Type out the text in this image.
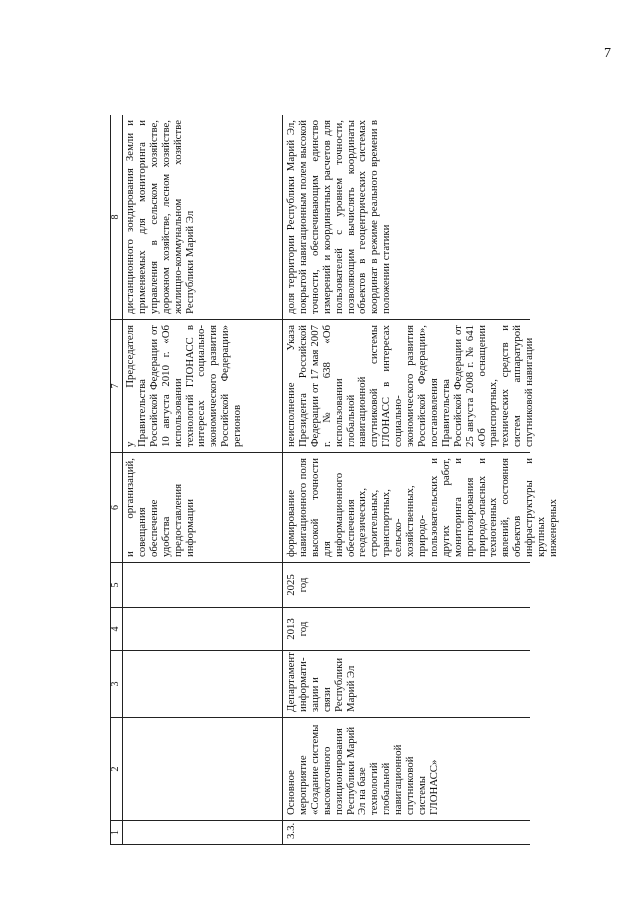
7
1
2
3
4
5
6
7
8
и организаций, совещания обеспечение удобства предоставления информации
у Председателя Правительства Российской Федерации от 10 августа 2010 г. «Об использовании технологий ГЛОНАСС в интересах социально-экономического развития Российской Федерации» регионов
дистанционного зондирования Земли и применяемых для мониторинга и управления в сельском хозяйстве, дорожном хозяйстве, лесном хозяйстве, жилищно-коммунальном хозяйстве Республики Марий Эл
3.3.
Основное мероприятие «Создание системы высокоточного позиционирования Республики Марий Эл на базе технологий глобальной навигационной спутниковой системы ГЛОНАСС»
Департамент информати-зации и связи Республики Марий Эл
2013 год
2025 год
формирование навигационного поля высокой точности для информационного обеспечения геодезических, строительных, транспортных, сельско-хозяйственных, природо-пользовательских и других работ, мониторинга и прогнозирования природо-опасных и техногенных явлений, состояния объектов инфраструктуры и крупных инженерных
неисполнение Указа Президента Российской Федерации от 17 мая 2007 г. № 638 «Об использовании глобальной навигационной спутниковой системы ГЛОНАСС в интересах социально-экономического развития Российской Федерации», постановления Правительства Российской Федерации от 25 августа 2008 г. № 641 «Об оснащении транспортных, технических средств и систем аппаратурой спутниковой навигации
доля территории Республики Марий Эл, покрытой навигационным полем высокой точности, обеспечивающим единство измерений и координатных расчетов для пользователей с уровнем точности, позволяющим вычислять координаты объектов в геоцентрических системах координат в режиме реального времени в положении статики
